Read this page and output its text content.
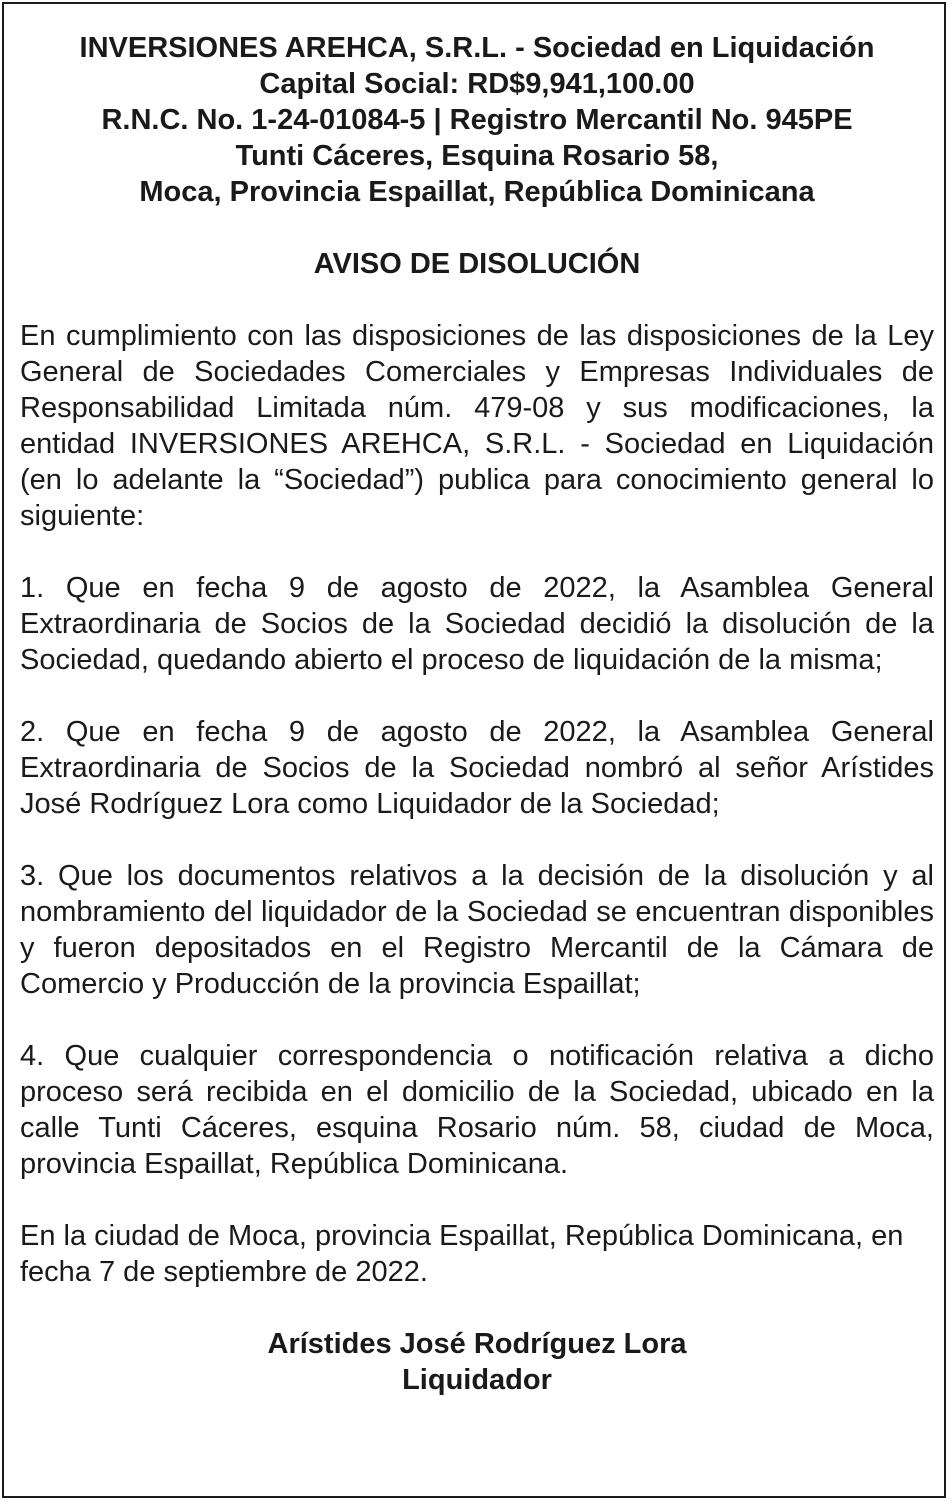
INVERSIONES AREHCA, S.R.L. - Sociedad en Liquidación
Capital Social: RD$9,941,100.00
R.N.C. No. 1-24-01084-5 | Registro Mercantil No. 945PE
Tunti Cáceres, Esquina Rosario 58,
Moca, Provincia Espaillat, República Dominicana
AVISO DE DISOLUCIÓN

En cumplimiento con las disposiciones de las disposiciones de la Ley General de Sociedades Comerciales y Empresas Individuales de Responsabilidad Limitada núm. 479-08 y sus modificaciones, la entidad INVERSIONES AREHCA, S.R.L. - Sociedad en Liquidación (en lo adelante la “Sociedad”) publica para conocimiento general lo siguiente:

1. Que en fecha 9 de agosto de 2022, la Asamblea General Extraordinaria de Socios de la Sociedad decidió la disolución de la Sociedad, quedando abierto el proceso de liquidación de la misma;

2. Que en fecha 9 de agosto de 2022, la Asamblea General Extraordinaria de Socios de la Sociedad nombró al señor Arístides José Rodríguez Lora como Liquidador de la Sociedad;

3. Que los documentos relativos a la decisión de la disolución y al nombramiento del liquidador de la Sociedad se encuentran disponibles y fueron depositados en el Registro Mercantil de la Cámara de Comercio y Producción de la provincia Espaillat;

4. Que cualquier correspondencia o notificación relativa a dicho proceso será recibida en el domicilio de la Sociedad, ubicado en la calle Tunti Cáceres, esquina Rosario núm. 58, ciudad de Moca, provincia Espaillat, República Dominicana.

En la ciudad de Moca, provincia Espaillat, República Dominicana, en fecha 7 de septiembre de 2022.

Arístides José Rodríguez Lora
Liquidador
